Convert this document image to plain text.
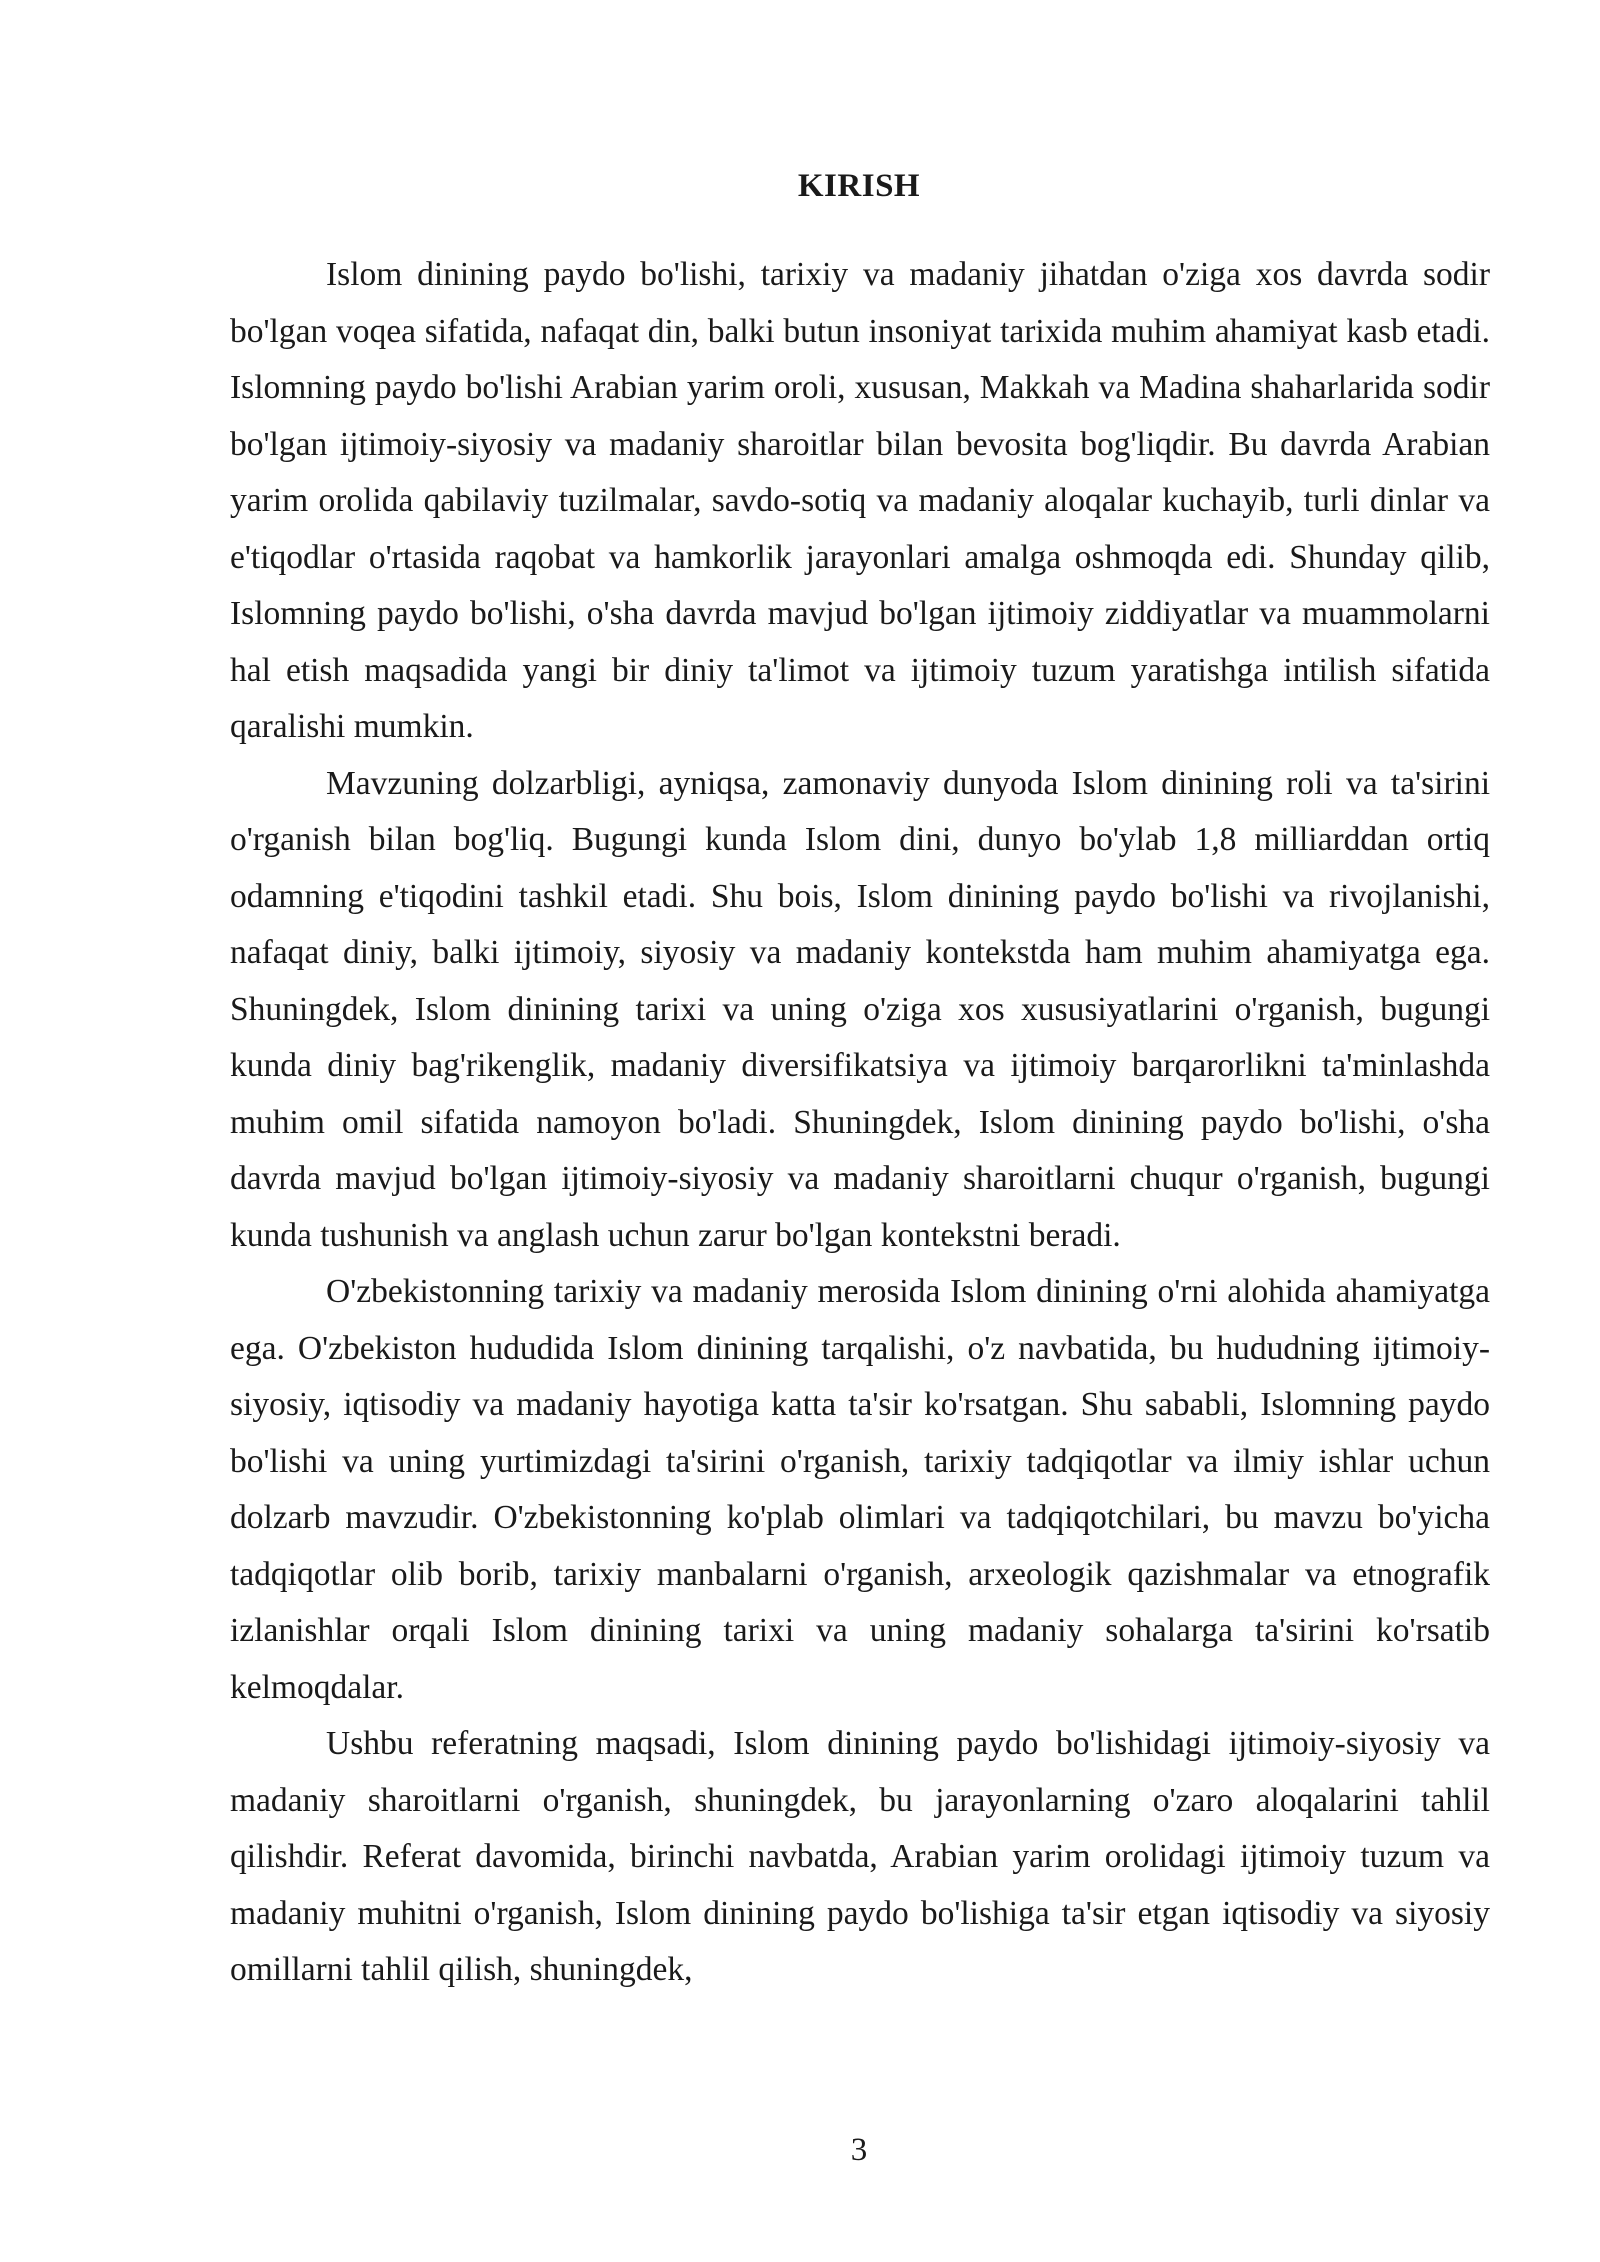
KIRISH

Islom dinining paydo bo'lishi, tarixiy va madaniy jihatdan o'ziga xos davrda sodir bo'lgan voqea sifatida, nafaqat din, balki butun insoniyat tarixida muhim ahamiyat kasb etadi. Islomning paydo bo'lishi Arabian yarim oroli, xususan, Makkah va Madina shaharlarida sodir bo'lgan ijtimoiy-siyosiy va madaniy sharoitlar bilan bevosita bog'liqdir. Bu davrda Arabian yarim orolida qabilaviy tuzilmalar, savdo-sotiq va madaniy aloqalar kuchayib, turli dinlar va e'tiqodlar o'rtasida raqobat va hamkorlik jarayonlari amalga oshmoqda edi. Shunday qilib, Islomning paydo bo'lishi, o'sha davrda mavjud bo'lgan ijtimoiy ziddiyatlar va muammolarni hal etish maqsadida yangi bir diniy ta'limot va ijtimoiy tuzum yaratishga intilish sifatida qaralishi mumkin.

Mavzuning dolzarbligi, ayniqsa, zamonaviy dunyoda Islom dinining roli va ta'sirini o'rganish bilan bog'liq. Bugungi kunda Islom dini, dunyo bo'ylab 1,8 milliarddan ortiq odamning e'tiqodini tashkil etadi. Shu bois, Islom dinining paydo bo'lishi va rivojlanishi, nafaqat diniy, balki ijtimoiy, siyosiy va madaniy kontekstda ham muhim ahamiyatga ega. Shuningdek, Islom dinining tarixi va uning o'ziga xos xususiyatlarini o'rganish, bugungi kunda diniy bag'rikenglik, madaniy diversifikatsiya va ijtimoiy barqarorlikni ta'minlashda muhim omil sifatida namoyon bo'ladi. Shuningdek, Islom dinining paydo bo'lishi, o'sha davrda mavjud bo'lgan ijtimoiy-siyosiy va madaniy sharoitlarni chuqur o'rganish, bugungi kunda tushunish va anglash uchun zarur bo'lgan kontekstni beradi.

O'zbekistonning tarixiy va madaniy merosida Islom dinining o'rni alohida ahamiyatga ega. O'zbekiston hududida Islom dinining tarqalishi, o'z navbatida, bu hududning ijtimoiy-siyosiy, iqtisodiy va madaniy hayotiga katta ta'sir ko'rsatgan. Shu sababli, Islomning paydo bo'lishi va uning yurtimizdagi ta'sirini o'rganish, tarixiy tadqiqotlar va ilmiy ishlar uchun dolzarb mavzudir. O'zbekistonning ko'plab olimlari va tadqiqotchilari, bu mavzu bo'yicha tadqiqotlar olib borib, tarixiy manbalarni o'rganish, arxeologik qazishmalar va etnografik izlanishlar orqali Islom dinining tarixi va uning madaniy sohalarga ta'sirini ko'rsatib kelmoqdalar.

Ushbu referatning maqsadi, Islom dinining paydo bo'lishidagi ijtimoiy-siyosiy va madaniy sharoitlarni o'rganish, shuningdek, bu jarayonlarning o'zaro aloqalarini tahlil qilishdir. Referat davomida, birinchi navbatda, Arabian yarim orolidagi ijtimoiy tuzum va madaniy muhitni o'rganish, Islom dinining paydo bo'lishiga ta'sir etgan iqtisodiy va siyosiy omillarni tahlil qilish, shuningdek,

3
